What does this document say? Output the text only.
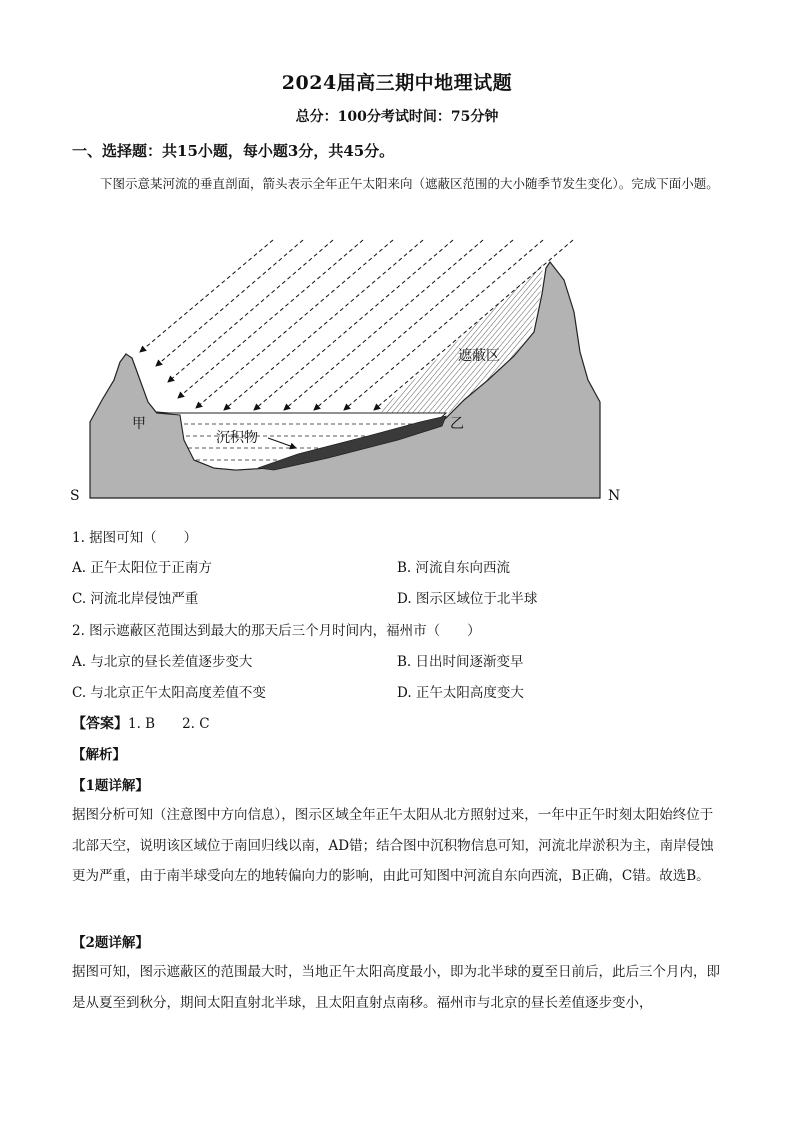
2024届高三期中地理试题
总分：100分考试时间：75分钟
一、选择题：共15小题，每小题3分，共45分。
下图示意某河流的垂直剖面，箭头表示全年正午太阳来向（遮蔽区范围的大小随季节发生变化）。完成下面小题。
遮蔽区
甲	乙
沉积物
S	N
1. 据图可知（　　）
A. 正午太阳位于正南方	B. 河流自东向西流
C. 河流北岸侵蚀严重	D. 图示区域位于北半球
2. 图示遮蔽区范围达到最大的那天后三个月时间内，福州市（　　）
A. 与北京的昼长差值逐步变大	B. 日出时间逐渐变早
C. 与北京正午太阳高度差值不变	D. 正午太阳高度变大
【答案】1. B　　2. C
【解析】
【1题详解】
据图分析可知（注意图中方向信息），图示区域全年正午太阳从北方照射过来，一年中正午时刻太阳始终位于北部天空，说明该区域位于南回归线以南，AD错；结合图中沉积物信息可知，河流北岸淤积为主，南岸侵蚀更为严重，由于南半球受向左的地转偏向力的影响，由此可知图中河流自东向西流，B正确，C错。故选B。
【2题详解】
据图可知，图示遮蔽区的范围最大时，当地正午太阳高度最小，即为北半球的夏至日前后，此后三个月内，即是从夏至到秋分，期间太阳直射北半球，且太阳直射点南移。福州市与北京的昼长差值逐步变小，
